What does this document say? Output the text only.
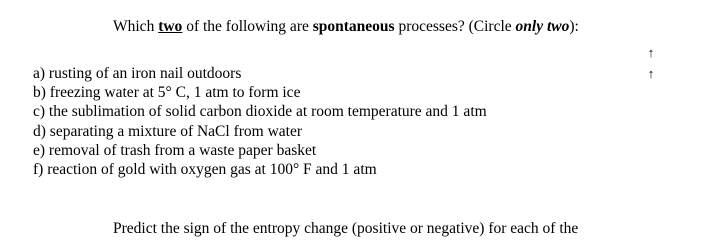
Which two of the following are spontaneous processes? (Circle only two):
↑
↑
a) rusting of an iron nail outdoors
b) freezing water at 5° C, 1 atm to form ice
c) the sublimation of solid carbon dioxide at room temperature and 1 atm
d) separating a mixture of NaCl from water
e) removal of trash from a waste paper basket
f) reaction of gold with oxygen gas at 100° F and 1 atm
Predict the sign of the entropy change (positive or negative) for each of the
